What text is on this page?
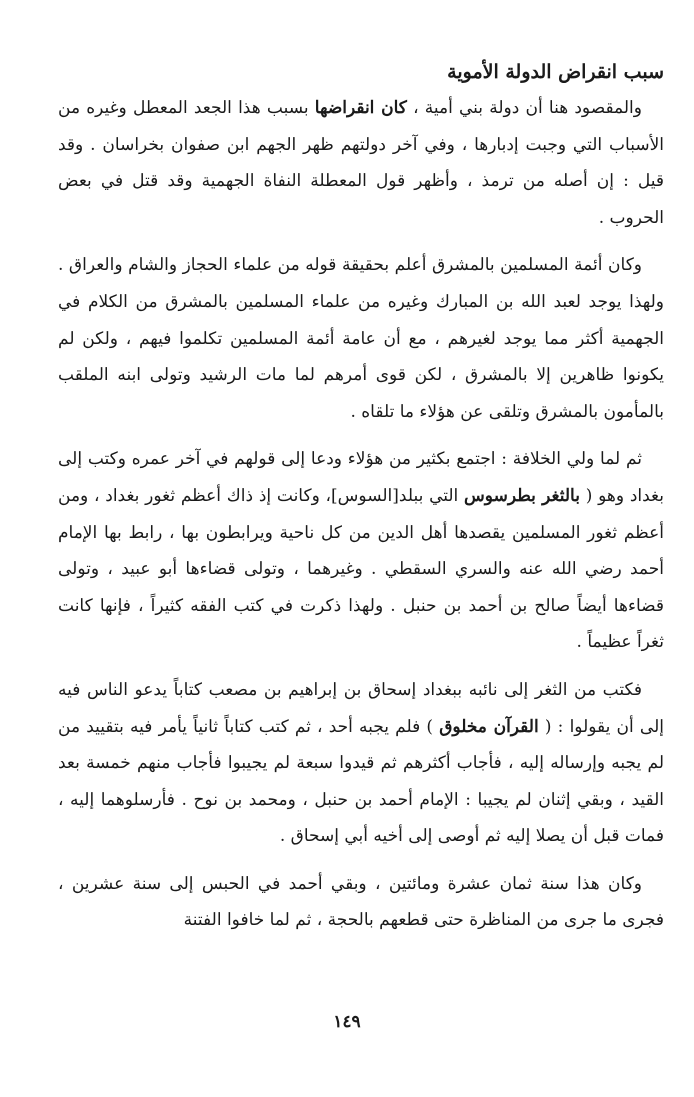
سبب انقراض الدولة الأموية

والمقصود هنا أن دولة بني أمية ، كان انقراضها بسبب هذا الجعد المعطل وغيره من الأسباب التي وجبت إدبارها ، وفي آخر دولتهم ظهر الجهم ابن صفوان بخراسان . وقد قيل : إن أصله من ترمذ ، وأظهر قول المعطلة النفاة الجهمية وقد قتل في بعض الحروب .

وكان أئمة المسلمين بالمشرق أعلم بحقيقة قوله من علماء الحجاز والشام والعراق . ولهذا يوجد لعبد الله بن المبارك وغيره من علماء المسلمين بالمشرق من الكلام في الجهمية أكثر مما يوجد لغيرهم ، مع أن عامة أئمة المسلمين تكلموا فيهم ، ولكن لم يكونوا ظاهرين إلا بالمشرق ، لكن قوى أمرهم لما مات الرشيد وتولى ابنه الملقب بالمأمون بالمشرق وتلقى عن هؤلاء ما تلقاه .

ثم لما ولي الخلافة : اجتمع بكثير من هؤلاء ودعا إلى قولهم في آخر عمره وكتب إلى بغداد وهو ( بالثغر بطرسوس التي ببلد[السوس]، وكانت إذ ذاك أعظم ثغور بغداد ، ومن أعظم ثغور المسلمين يقصدها أهل الدين من كل ناحية ويرابطون بها ، رابط بها الإمام أحمد رضي الله عنه والسري السقطي . وغيرهما ، وتولى قضاءها أبو عبيد ، وتولى قضاءها أيضاً صالح بن أحمد بن حنبل . ولهذا ذكرت في كتب الفقه كثيراً ، فإنها كانت ثغراً عظيماً .

فكتب من الثغر إلى نائبه ببغداد إسحاق بن إبراهيم بن مصعب كتاباً يدعو الناس فيه إلى أن يقولوا : ( القرآن مخلوق ) فلم يجبه أحد ، ثم كتب كتاباً ثانياً يأمر فيه بتقييد من لم يجبه وإرساله إليه ، فأجاب أكثرهم ثم قيدوا سبعة لم يجيبوا فأجاب منهم خمسة بعد القيد ، وبقي إثنان لم يجيبا : الإمام أحمد بن حنبل ، ومحمد بن نوح . فأرسلوهما إليه ، فمات قبل أن يصلا إليه ثم أوصى إلى أخيه أبي إسحاق .

وكان هذا سنة ثمان عشرة ومائتين ، وبقي أحمد في الحبس إلى سنة عشرين ، فجرى ما جرى من المناظرة حتى قطعهم بالحجة ، ثم لما خافوا الفتنة

١٤٩
